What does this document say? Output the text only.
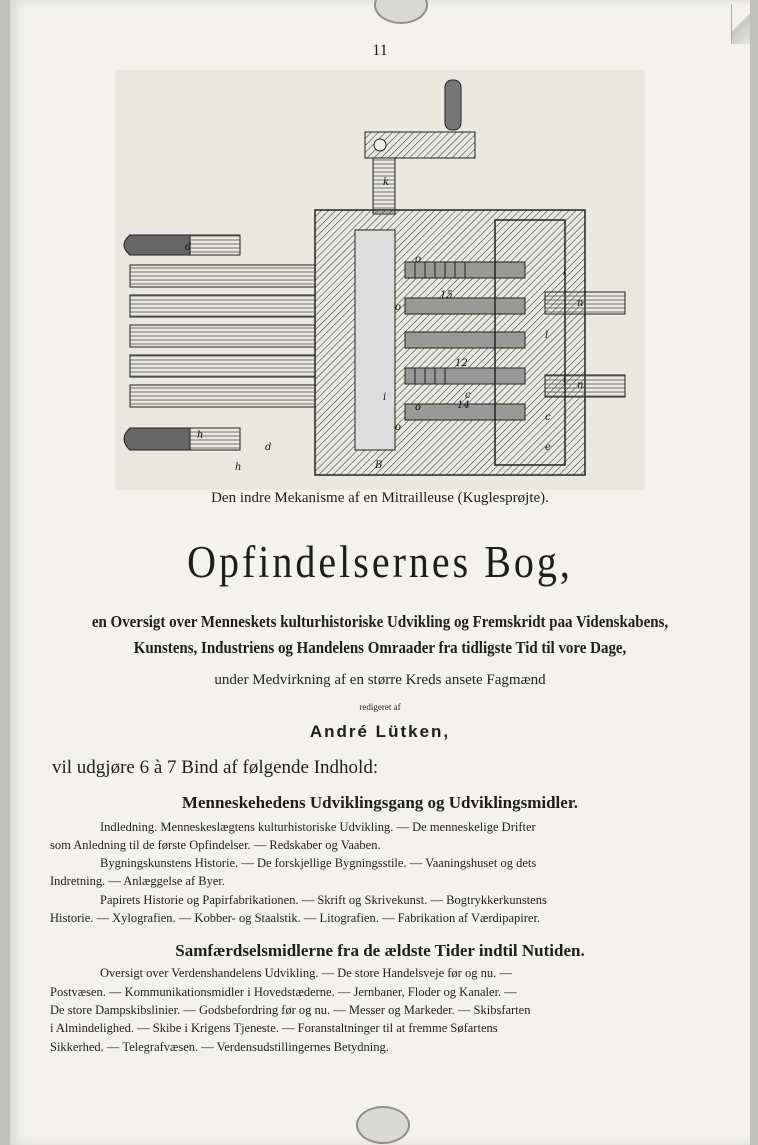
11
d
l
h
c
k
l
n
n
l
h
d
B
e
c
o
15
o
i
12
o	14
o
Den indre Mekanisme af en Mitrailleuse (Kuglesprøjte).
Opfindelsernes Bog,
en Oversigt over Menneskets kulturhistoriske Udvikling og Fremskridt paa Videnskabens,
Kunstens, Industriens og Handelens Omraader fra tidligste Tid til vore Dage,
under Medvirkning af en større Kreds ansete Fagmænd
redigeret af
André Lütken,
vil udgjøre 6 à 7 Bind af følgende Indhold:
Menneskehedens Udviklingsgang og Udviklingsmidler.
Indledning. Menneskeslægtens kulturhistoriske Udvikling. — De menneskelige Drifter
som Anledning til de første Opfindelser. — Redskaber og Vaaben.
Bygningskunstens Historie. — De forskjellige Bygningsstile. — Vaaningshuset og dets
Indretning. — Anlæggelse af Byer.
Papirets Historie og Papirfabrikationen. — Skrift og Skrivekunst. — Bogtrykkerkunstens
Historie. — Xylografien. — Kobber- og Staalstik. — Litografien. — Fabrikation af Værdipapirer.
Samfærdselsmidlerne fra de ældste Tider indtil Nutiden.
Oversigt over Verdenshandelens Udvikling. — De store Handelsveje før og nu. —
Postvæsen. — Kommunikationsmidler i Hovedstæderne. — Jernbaner, Floder og Kanaler. —
De store Dampskibslinier. — Godsbefordring før og nu. — Messer og Markeder. — Skibsfarten
i Almindelighed. — Skibe i Krigens Tjeneste. — Foranstaltninger til at fremme Søfartens
Sikkerhed. — Telegrafvæsen. — Verdensudstillingernes Betydning.
